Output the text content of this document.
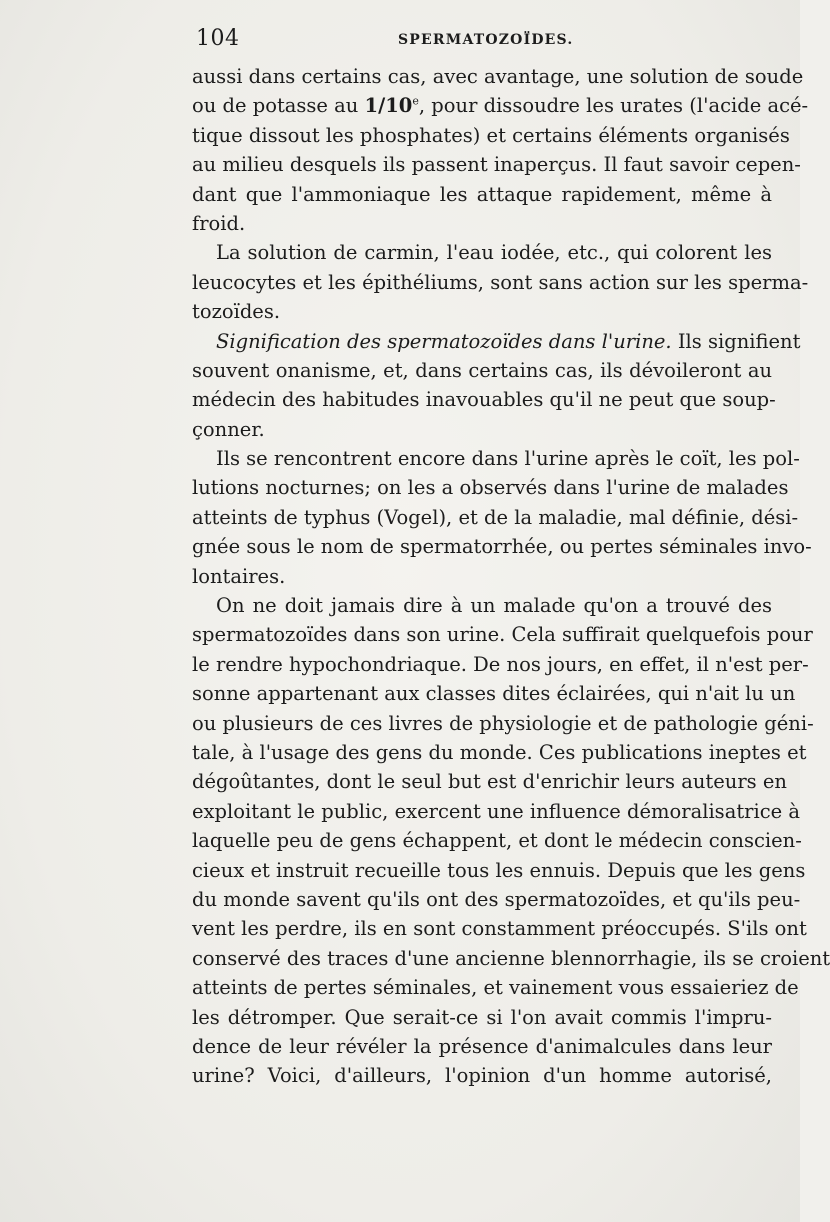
104	SPERMATOZOÏDES.
aussi dans certains cas, avec avantage, une solution de soude
ou de potasse au 1/10e, pour dissoudre les urates (l'acide acé-
tique dissout les phosphates) et certains éléments organisés
au milieu desquels ils passent inaperçus. Il faut savoir cepen-
dant que l'ammoniaque les attaque rapidement, même à
froid.
La solution de carmin, l'eau iodée, etc., qui colorent les
leucocytes et les épithéliums, sont sans action sur les sperma-
tozoïdes.
Signification des spermatozoïdes dans l'urine. Ils signifient
souvent onanisme, et, dans certains cas, ils dévoileront au
médecin des habitudes inavouables qu'il ne peut que soup-
çonner.
Ils se rencontrent encore dans l'urine après le coït, les pol-
lutions nocturnes; on les a observés dans l'urine de malades
atteints de typhus (Vogel), et de la maladie, mal définie, dési-
gnée sous le nom de spermatorrhée, ou pertes séminales invo-
lontaires.
On ne doit jamais dire à un malade qu'on a trouvé des
spermatozoïdes dans son urine. Cela suffirait quelquefois pour
le rendre hypochondriaque. De nos jours, en effet, il n'est per-
sonne appartenant aux classes dites éclairées, qui n'ait lu un
ou plusieurs de ces livres de physiologie et de pathologie géni-
tale, à l'usage des gens du monde. Ces publications ineptes et
dégoûtantes, dont le seul but est d'enrichir leurs auteurs en
exploitant le public, exercent une influence démoralisatrice à
laquelle peu de gens échappent, et dont le médecin conscien-
cieux et instruit recueille tous les ennuis. Depuis que les gens
du monde savent qu'ils ont des spermatozoïdes, et qu'ils peu-
vent les perdre, ils en sont constamment préoccupés. S'ils ont
conservé des traces d'une ancienne blennorrhagie, ils se croient
atteints de pertes séminales, et vainement vous essaieriez de
les détromper. Que serait-ce si l'on avait commis l'impru-
dence de leur révéler la présence d'animalcules dans leur
urine? Voici, d'ailleurs, l'opinion d'un homme autorisé,
